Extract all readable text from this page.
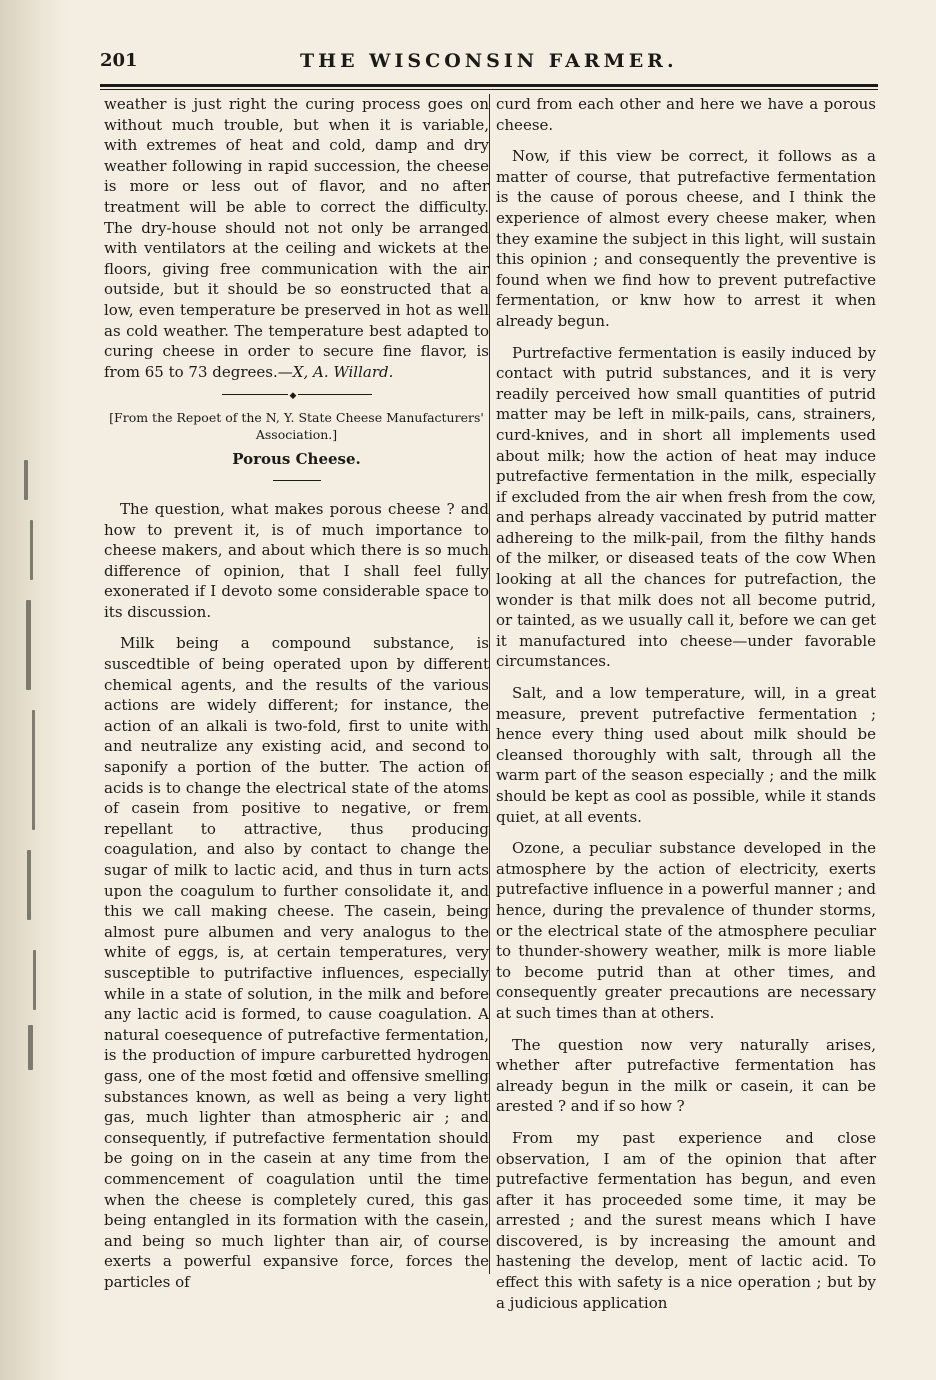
201	THE WISCONSIN FARMER.

weather is just right the curing process goes on without much trouble, but when it is variable, with extremes of heat and cold, damp and dry weather following in rapid succession, the cheese is more or less out of flavor, and no after treatment will be able to correct the difficulty. The dry-house should not not only be arranged with ventilators at the ceiling and wickets at the floors, giving free communication with the air outside, but it should be so eonstructed that a low, even temperature be preserved in hot as well as cold weather. The temperature best adapted to curing cheese in order to secure fine flavor, is from 65 to 73 degrees.—X, A. Willard.

◆
[From the Repoet of the N, Y. State Cheese Manufacturers' Association.]
Porous Cheese.

The question, what makes porous cheese ? and how to prevent it, is of much importance to cheese makers, and about which there is so much difference of opinion, that I shall feel fully exonerated if I devoto some considerable space to its discussion.

Milk being a compound substance, is suscedtible of being operated upon by different chemical agents, and the results of the various actions are widely different; for instance, the action of an alkali is two-fold, first to unite with and neutralize any existing acid, and second to saponify a portion of the butter. The action of acids is to change the electrical state of the atoms of casein from positive to negative, or frem repellant to attractive, thus producing coagulation, and also by contact to change the sugar of milk to lactic acid, and thus in turn acts upon the coagulum to further consolidate it, and this we call making cheese. The casein, being almost pure albumen and very analogus to the white of eggs, is, at certain temperatures, very susceptible to putrifactive influences, especially while in a state of solution, in the milk and before any lactic acid is formed, to cause coagulation. A natural coesequence of putrefactive fermentation, is the production of impure carburetted hydrogen gass, one of the most fœtid and offensive smelling substances known, as well as being a very light gas, much lighter than atmospheric air ; and consequently, if putrefactive fermentation should be going on in the casein at any time from the commencement of coagulation until the time when the cheese is completely cured, this gas being entangled in its formation with the casein, and being so much lighter than air, of course exerts a powerful expansive force, forces the particles of

curd from each other and here we have a porous cheese.

Now, if this view be correct, it follows as a matter of course, that putrefactive fermentation is the cause of porous cheese, and I think the experience of almost every cheese maker, when they examine the subject in this light, will sustain this opinion ; and consequently the preventive is found when we find how to prevent putrefactive fermentation, or knw how to arrest it when already begun.

Purtrefactive fermentation is easily induced by contact with putrid substances, and it is very readily perceived how small quantities of putrid matter may be left in milk-pails, cans, strainers, curd-knives, and in short all implements used about milk; how the action of heat may induce putrefactive fermentation in the milk, especially if excluded from the air when fresh from the cow, and perhaps already vaccinated by putrid matter adhereing to the milk-pail, from the filthy hands of the milker, or diseased teats of the cow When looking at all the chances for putrefaction, the wonder is that milk does not all become putrid, or tainted, as we usually call it, before we can get it manufactured into cheese—under favorable circumstances.

Salt, and a low temperature, will, in a great measure, prevent putrefactive fermentation ; hence every thing used about milk should be cleansed thoroughly with salt, through all the warm part of the season especially ; and the milk should be kept as cool as possible, while it stands quiet, at all events.

Ozone, a peculiar substance developed in the atmosphere by the action of electricity, exerts putrefactive influence in a powerful manner ; and hence, during the prevalence of thunder storms, or the electrical state of the atmosphere peculiar to thunder-showery weather, milk is more liable to become putrid than at other times, and consequently greater precautions are necessary at such times than at others.

The question now very naturally arises, whether after putrefactive fermentation has already begun in the milk or casein, it can be arested ? and if so how ?

From my past experience and close observation, I am of the opinion that after putrefactive fermentation has begun, and even after it has proceeded some time, it may be arrested ; and the surest means which I have discovered, is by increasing the amount and hastening the develop, ment of lactic acid. To effect this with safety is a nice operation ; but by a judicious application
